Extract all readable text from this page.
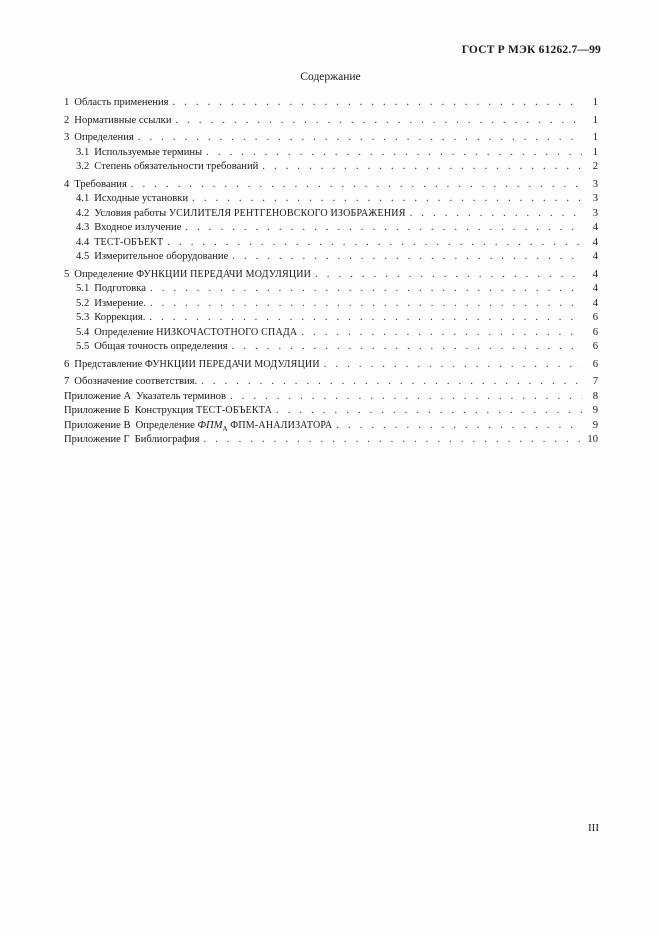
ГОСТ Р МЭК 61262.7—99
Содержание
1 Область применения . . .	1
2 Нормативные ссылки . . .	1
3 Определения . . .	1
3.1 Используемые термины . . .	1
3.2 Степень обязательности требований . . .	2
4 Требования . . .	3
4.1 Исходные установки . . .	3
4.2 Условия работы УСИЛИТЕЛЯ РЕНТГЕНОВСКОГО ИЗОБРАЖЕНИЯ . . .	3
4.3 Входное излучение . . .	4
4.4 ТЕСТ-ОБЪЕКТ . . .	4
4.5 Измерительное оборудование . . .	4
5 Определение ФУНКЦИИ ПЕРЕДАЧИ МОДУЛЯЦИИ . . .	4
5.1 Подготовка . . .	4
5.2 Измерение. . . .	4
5.3 Коррекция. . . .	6
5.4 Определение НИЗКОЧАСТОТНОГО СПАДА . . .	6
5.5 Общая точность определения . . .	6
6 Представление ФУНКЦИИ ПЕРЕДАЧИ МОДУЛЯЦИИ . . .	6
7 Обозначение соответствия. . . .	7
Приложение А Указатель терминов . . .	8
Приложение Б Конструкция ТЕСТ-ОБЪЕКТА . . .	9
Приложение В Определение $ФПМ_А$ ФПМ-АНАЛИЗАТОРА . . .	9
Приложение Г Библиография . . .	10
III
